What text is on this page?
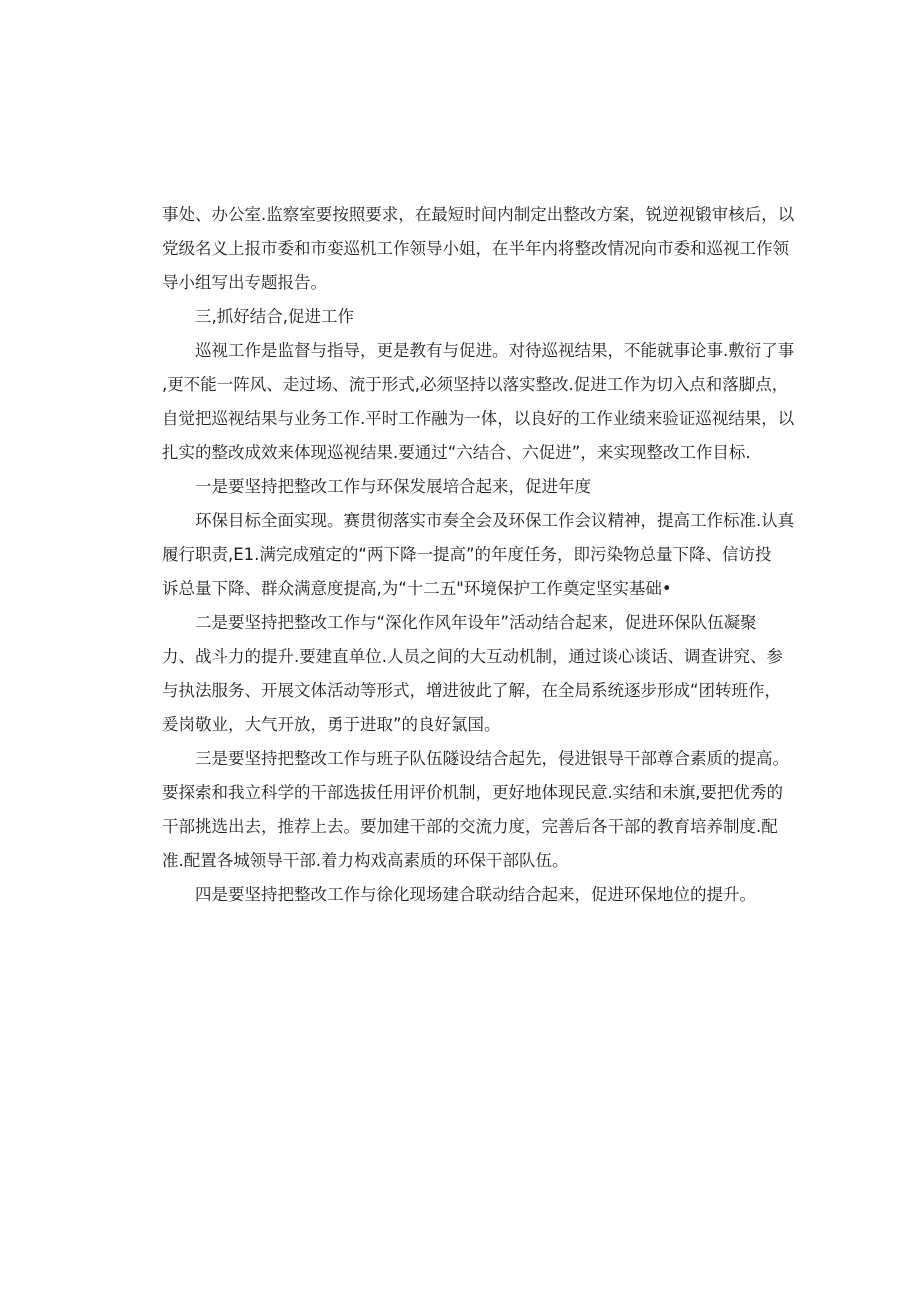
事处、办公室.监察室要按照要求，在最短时间内制定出整改方案，锐逆视锻审核后，以
党级名义上报市委和市娈巡机工作领导小姐，在半年内将整改情况向市委和巡视工作领
导小组写出专题报告。
三,抓好结合,促进工作
巡视工作是监督与指导，更是教有与促进。对待巡视结果，不能就事论事.敷衍了事
,更不能一阵风、走过场、流于形式,必须坚持以落实整改.促进工作为切入点和落脚点，
自觉把巡视结果与业务工作.平时工作融为一体，以良好的工作业绩来验证巡视结果，以
扎实的整改成效来体现巡视结果.要通过“六结合、六促进”，来实现整改工作目标.
一是要坚持把整改工作与环保发展培合起来，促进年度
环保目标全面实现。赛贯彻落实市奏全会及环保工作会议精神，提高工作标准.认真
履行职责,E1.满完成殖定的“两下降一提高”的年度任务，即污染物总量下降、信访投
诉总量下降、群众满意度提高,为“十二五"环境保护工作奠定坚实基础•
二是要坚持把整改工作与“深化作风年设年”活动结合起来，促进环保队伍凝聚
力、战斗力的提升.要建直单位.人员之间的大互动机制，通过谈心谈话、调查讲究、参
与执法服务、开展文体活动等形式，增进彼此了解，在全局系统逐步形成“团转班作，
爰岗敬业，大气开放，勇于进取”的良好氯国。
三是要坚持把整改工作与班子队伍隧设结合起先，侵进银导干部尊合素质的提高。
要探索和我立科学的干部选拔任用评价机制，更好地体现民意.实结和未旗,要把优秀的
干部挑选出去，推荐上去。要加建干部的交流力度，完善后各干部的教育培养制度.配
准.配置各城领导干部.着力构戏高素质的环保干部队伍。
四是要坚持把整改工作与徐化现场建合联动结合起来，促进环保地位的提升。
